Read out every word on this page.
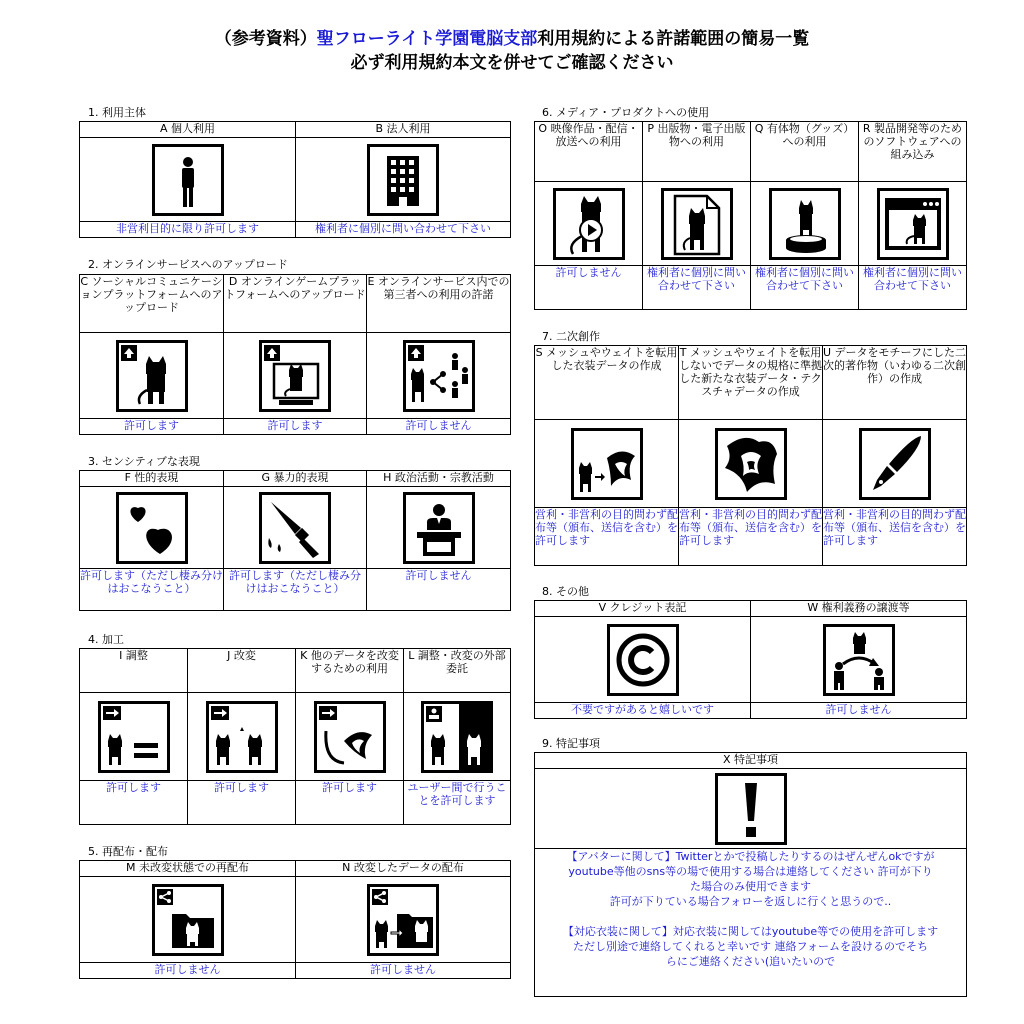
（参考資料）聖フローライト学園電脳支部利用規約による許諾範囲の簡易一覧
必ず利用規約本文を併せてご確認ください
1. 利用主体
A 個人利用	B 法人利用

非営利目的に限り許可します	権利者に個別に問い合わせて下さい
2. オンラインサービスへのアップロード
C ソーシャルコミュニケーションプラットフォームへのアップロード	D オンラインゲームプラットフォームへのアップロード	E オンラインサービス内での第三者への利用の許諾

許可します	許可します	許可しません
3. センシティブな表現
F 性的表現	G 暴力的表現	H 政治活動・宗教活動

許可します（ただし棲み分けはおこなうこと）	許可します（ただし棲み分けはおこなうこと）	許可しません
4. 加工
I 調整	J 改変	K 他のデータを改変するための利用	L 調整・改変の外部委託

許可します	許可します	許可します	ユーザー間で行うことを許可します
5. 再配布・配布
M 未改変状態での再配布	N 改変したデータの配布

許可しません	許可しません
6. メディア・プロダクトへの使用
O 映像作品・配信・放送への利用	P 出版物・電子出版物への利用	Q 有体物（グッズ）への利用	R 製品開発等のためのソフトウェアへの組み込み

許可しません	権利者に個別に問い合わせて下さい	権利者に個別に問い合わせて下さい	権利者に個別に問い合わせて下さい
7. 二次創作
S メッシュやウェイトを転用した衣装データの作成	T メッシュやウェイトを転用しないでデータの規格に準拠した新たな衣装データ・テクスチャデータの作成	U データをモチーフにした二次的著作物（いわゆる二次創作）の作成

営利・非営利の目的問わず配布等（頒布、送信を含む）を許可します	営利・非営利の目的問わず配布等（頒布、送信を含む）を許可します	営利・非営利の目的問わず配布等（頒布、送信を含む）を許可します
8. その他
V クレジット表記	W 権利義務の譲渡等

不要ですがあると嬉しいです	許可しません
9. 特記事項
X 特記事項

【アバターに関して】Twitterとかで投稿したりするのはぜんぜんokですが
youtube等他のsns等の場で使用する場合は連絡してください 許可が下り
た場合のみ使用できます
許可が下りている場合フォローを返しに行くと思うので..
【対応衣装に関して】対応衣装に関してはyoutube等での使用を許可します
ただし別途で連絡してくれると幸いです 連絡フォームを設けるのでそち
らにご連絡ください(追いたいので
